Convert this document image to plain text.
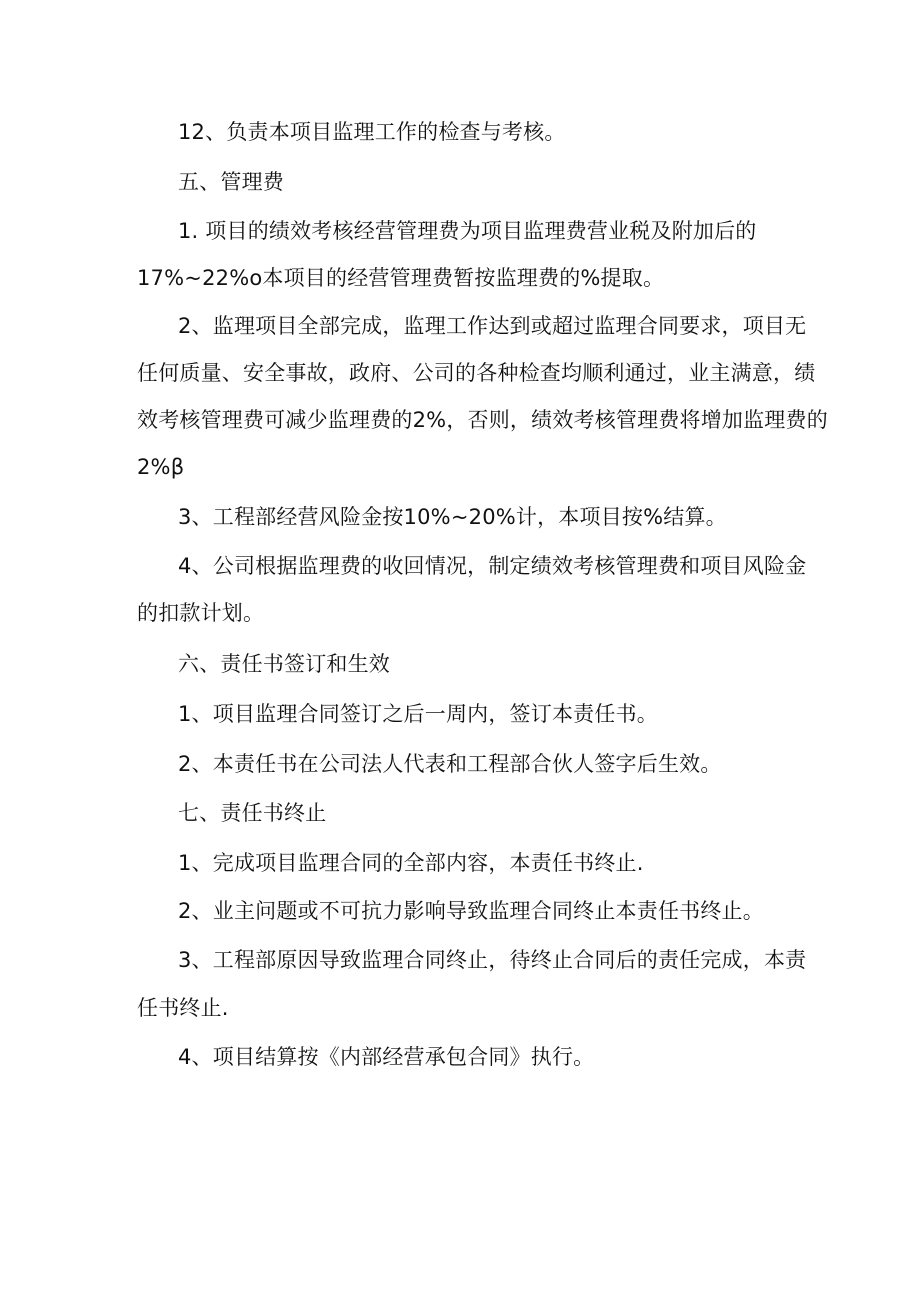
12、负责本项目监理工作的检查与考核。
五、管理费
1. 项目的绩效考核经营管理费为项目监理费营业税及附加后的
17%~22%o本项目的经营管理费暂按监理费的%提取。
2、监理项目全部完成，监理工作达到或超过监理合同要求，项目无
任何质量、安全事故，政府、公司的各种检查均顺利通过，业主满意，绩
效考核管理费可减少监理费的2%，否则，绩效考核管理费将增加监理费的
2%β
3、工程部经营风险金按10%~20%计，本项目按%结算。
4、公司根据监理费的收回情况，制定绩效考核管理费和项目风险金
的扣款计划。
六、责任书签订和生效
1、项目监理合同签订之后一周内，签订本责任书。
2、本责任书在公司法人代表和工程部合伙人签字后生效。
七、责任书终止
1、完成项目监理合同的全部内容，本责任书终止.
2、业主问题或不可抗力影响导致监理合同终止本责任书终止。
3、工程部原因导致监理合同终止，待终止合同后的责任完成，本责
任书终止.
4、项目结算按《内部经营承包合同》执行。
